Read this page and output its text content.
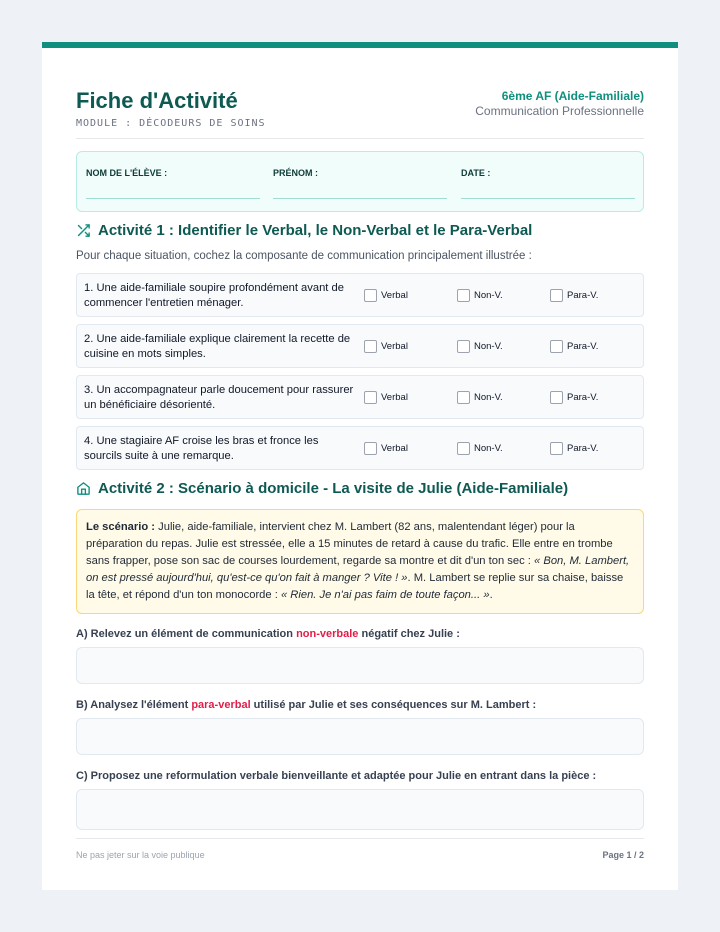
Fiche d'Activité
MODULE : DÉCODEURS DE SOINS
6ème AF (Aide-Familiale)
Communication Professionnelle
NOM DE L'ÉLÈVE :	PRÉNOM :	DATE :
Activité 1 : Identifier le Verbal, le Non-Verbal et le Para-Verbal
Pour chaque situation, cochez la composante de communication principalement illustrée :
1. Une aide-familiale soupire profondément avant de commencer l'entretien ménager.
Verbal	Non-V.	Para-V.
2. Une aide-familiale explique clairement la recette de cuisine en mots simples.
Verbal	Non-V.	Para-V.
3. Un accompagnateur parle doucement pour rassurer un bénéficiaire désorienté.
Verbal	Non-V.	Para-V.
4. Une stagiaire AF croise les bras et fronce les sourcils suite à une remarque.
Verbal	Non-V.	Para-V.
Activité 2 : Scénario à domicile - La visite de Julie (Aide-Familiale)
Le scénario : Julie, aide-familiale, intervient chez M. Lambert (82 ans, malentendant léger) pour la préparation du repas. Julie est stressée, elle a 15 minutes de retard à cause du trafic. Elle entre en trombe sans frapper, pose son sac de courses lourdement, regarde sa montre et dit d'un ton sec : « Bon, M. Lambert, on est pressé aujourd'hui, qu'est-ce qu'on fait à manger ? Vite ! ». M. Lambert se replie sur sa chaise, baisse la tête, et répond d'un ton monocorde : « Rien. Je n'ai pas faim de toute façon... ».
A) Relevez un élément de communication non-verbale négatif chez Julie :
B) Analysez l'élément para-verbal utilisé par Julie et ses conséquences sur M. Lambert :
C) Proposez une reformulation verbale bienveillante et adaptée pour Julie en entrant dans la pièce :
Ne pas jeter sur la voie publique	Page 1 / 2
